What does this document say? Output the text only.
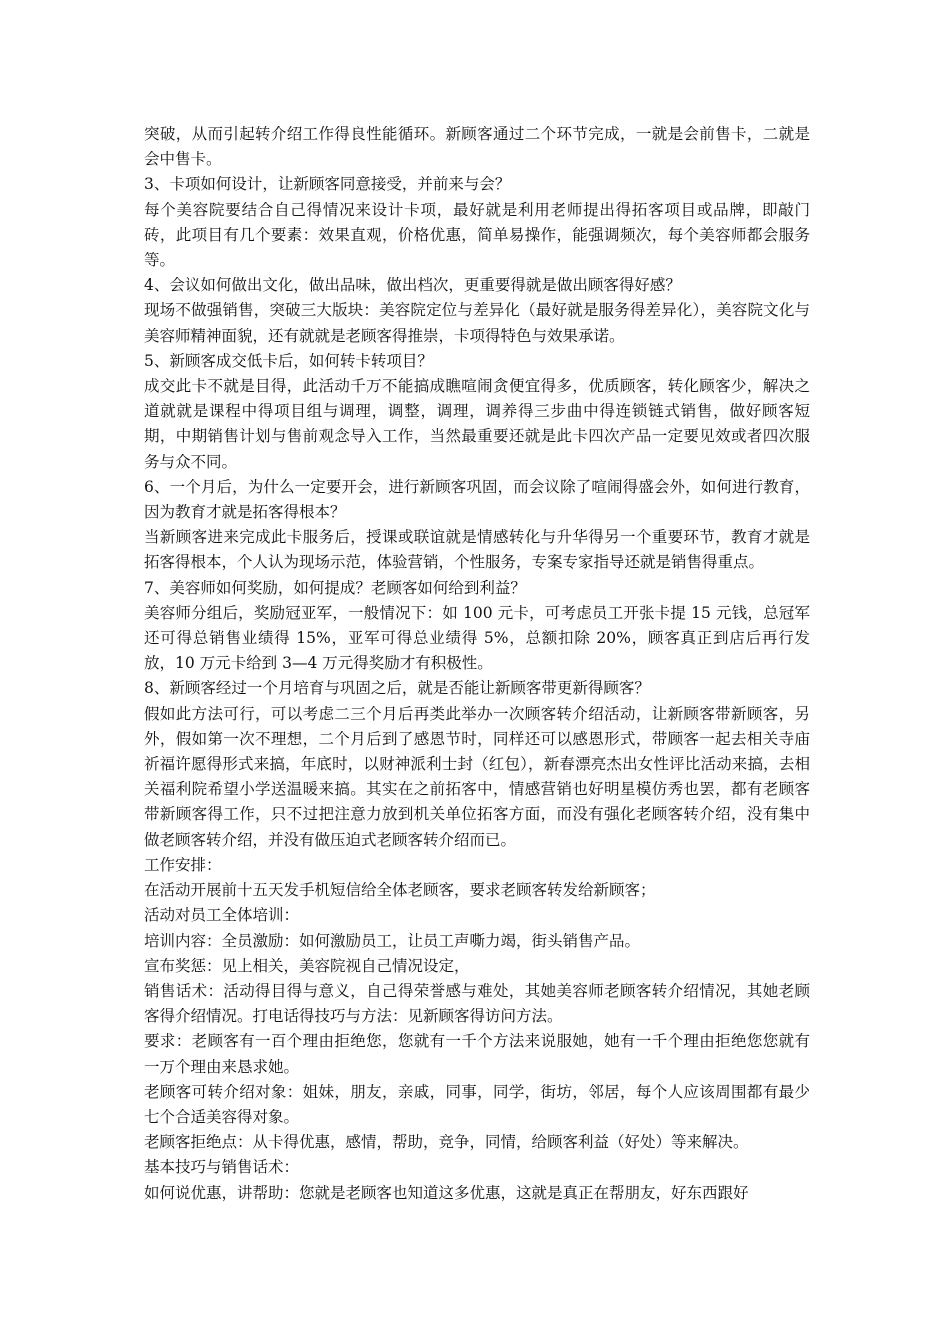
突破，从而引起转介绍工作得良性能循环。新顾客通过二个环节完成，一就是会前售卡，二就是会中售卡。

3、卡项如何设计，让新顾客同意接受，并前来与会？

每个美容院要结合自己得情况来设计卡项，最好就是利用老师提出得拓客项目或品牌，即敲门砖，此项目有几个要素：效果直观，价格优惠，简单易操作，能强调频次，每个美容师都会服务等。

4、会议如何做出文化，做出品味，做出档次，更重要得就是做出顾客得好感？

现场不做强销售，突破三大版块：美容院定位与差异化（最好就是服务得差异化），美容院文化与美容师精神面貌，还有就就是老顾客得推崇，卡项得特色与效果承诺。

5、新顾客成交低卡后，如何转卡转项目？

成交此卡不就是目得，此活动千万不能搞成瞧喧闹贪便宜得多，优质顾客，转化顾客少，解决之道就就是课程中得项目组与调理，调整，调理，调养得三步曲中得连锁链式销售，做好顾客短期，中期销售计划与售前观念导入工作，当然最重要还就是此卡四次产品一定要见效或者四次服务与众不同。

6、一个月后，为什么一定要开会，进行新顾客巩固，而会议除了喧闹得盛会外，如何进行教育，因为教育才就是拓客得根本？

当新顾客进来完成此卡服务后，授课或联谊就是情感转化与升华得另一个重要环节，教育才就是拓客得根本，个人认为现场示范，体验营销，个性服务，专案专家指导还就是销售得重点。

7、美容师如何奖励，如何提成？老顾客如何给到利益？

美容师分组后，奖励冠亚军，一般情况下：如 100 元卡，可考虑员工开张卡提 15 元钱，总冠军还可得总销售业绩得 15%，亚军可得总业绩得 5%，总额扣除 20%，顾客真正到店后再行发放，10 万元卡给到 3—4 万元得奖励才有积极性。

8、新顾客经过一个月培育与巩固之后，就是否能让新顾客带更新得顾客？

假如此方法可行，可以考虑二三个月后再类此举办一次顾客转介绍活动，让新顾客带新顾客，另外，假如第一次不理想，二个月后到了感恩节时，同样还可以感恩形式，带顾客一起去相关寺庙祈福许愿得形式来搞，年底时，以财神派利士封（红包），新春漂亮杰出女性评比活动来搞，去相关福利院希望小学送温暖来搞。其实在之前拓客中，情感营销也好明星模仿秀也罢，都有老顾客带新顾客得工作，只不过把注意力放到机关单位拓客方面，而没有强化老顾客转介绍，没有集中做老顾客转介绍，并没有做压迫式老顾客转介绍而已。

工作安排：

在活动开展前十五天发手机短信给全体老顾客，要求老顾客转发给新顾客；

活动对员工全体培训：

培训内容：全员激励：如何激励员工，让员工声嘶力竭，街头销售产品。

宣布奖惩：见上相关，美容院视自己情况设定，

销售话术：活动得目得与意义，自己得荣誉感与难处，其她美容师老顾客转介绍情况，其她老顾客得介绍情况。打电话得技巧与方法：见新顾客得访问方法。

要求：老顾客有一百个理由拒绝您，您就有一千个方法来说服她，她有一千个理由拒绝您您就有一万个理由来恳求她。

老顾客可转介绍对象：姐妹，朋友，亲戚，同事，同学，街坊，邻居，每个人应该周围都有最少七个合适美容得对象。

老顾客拒绝点：从卡得优惠，感情，帮助，竞争，同情，给顾客利益（好处）等来解决。

基本技巧与销售话术：

如何说优惠，讲帮助：您就是老顾客也知道这多优惠，这就是真正在帮朋友，好东西跟好
